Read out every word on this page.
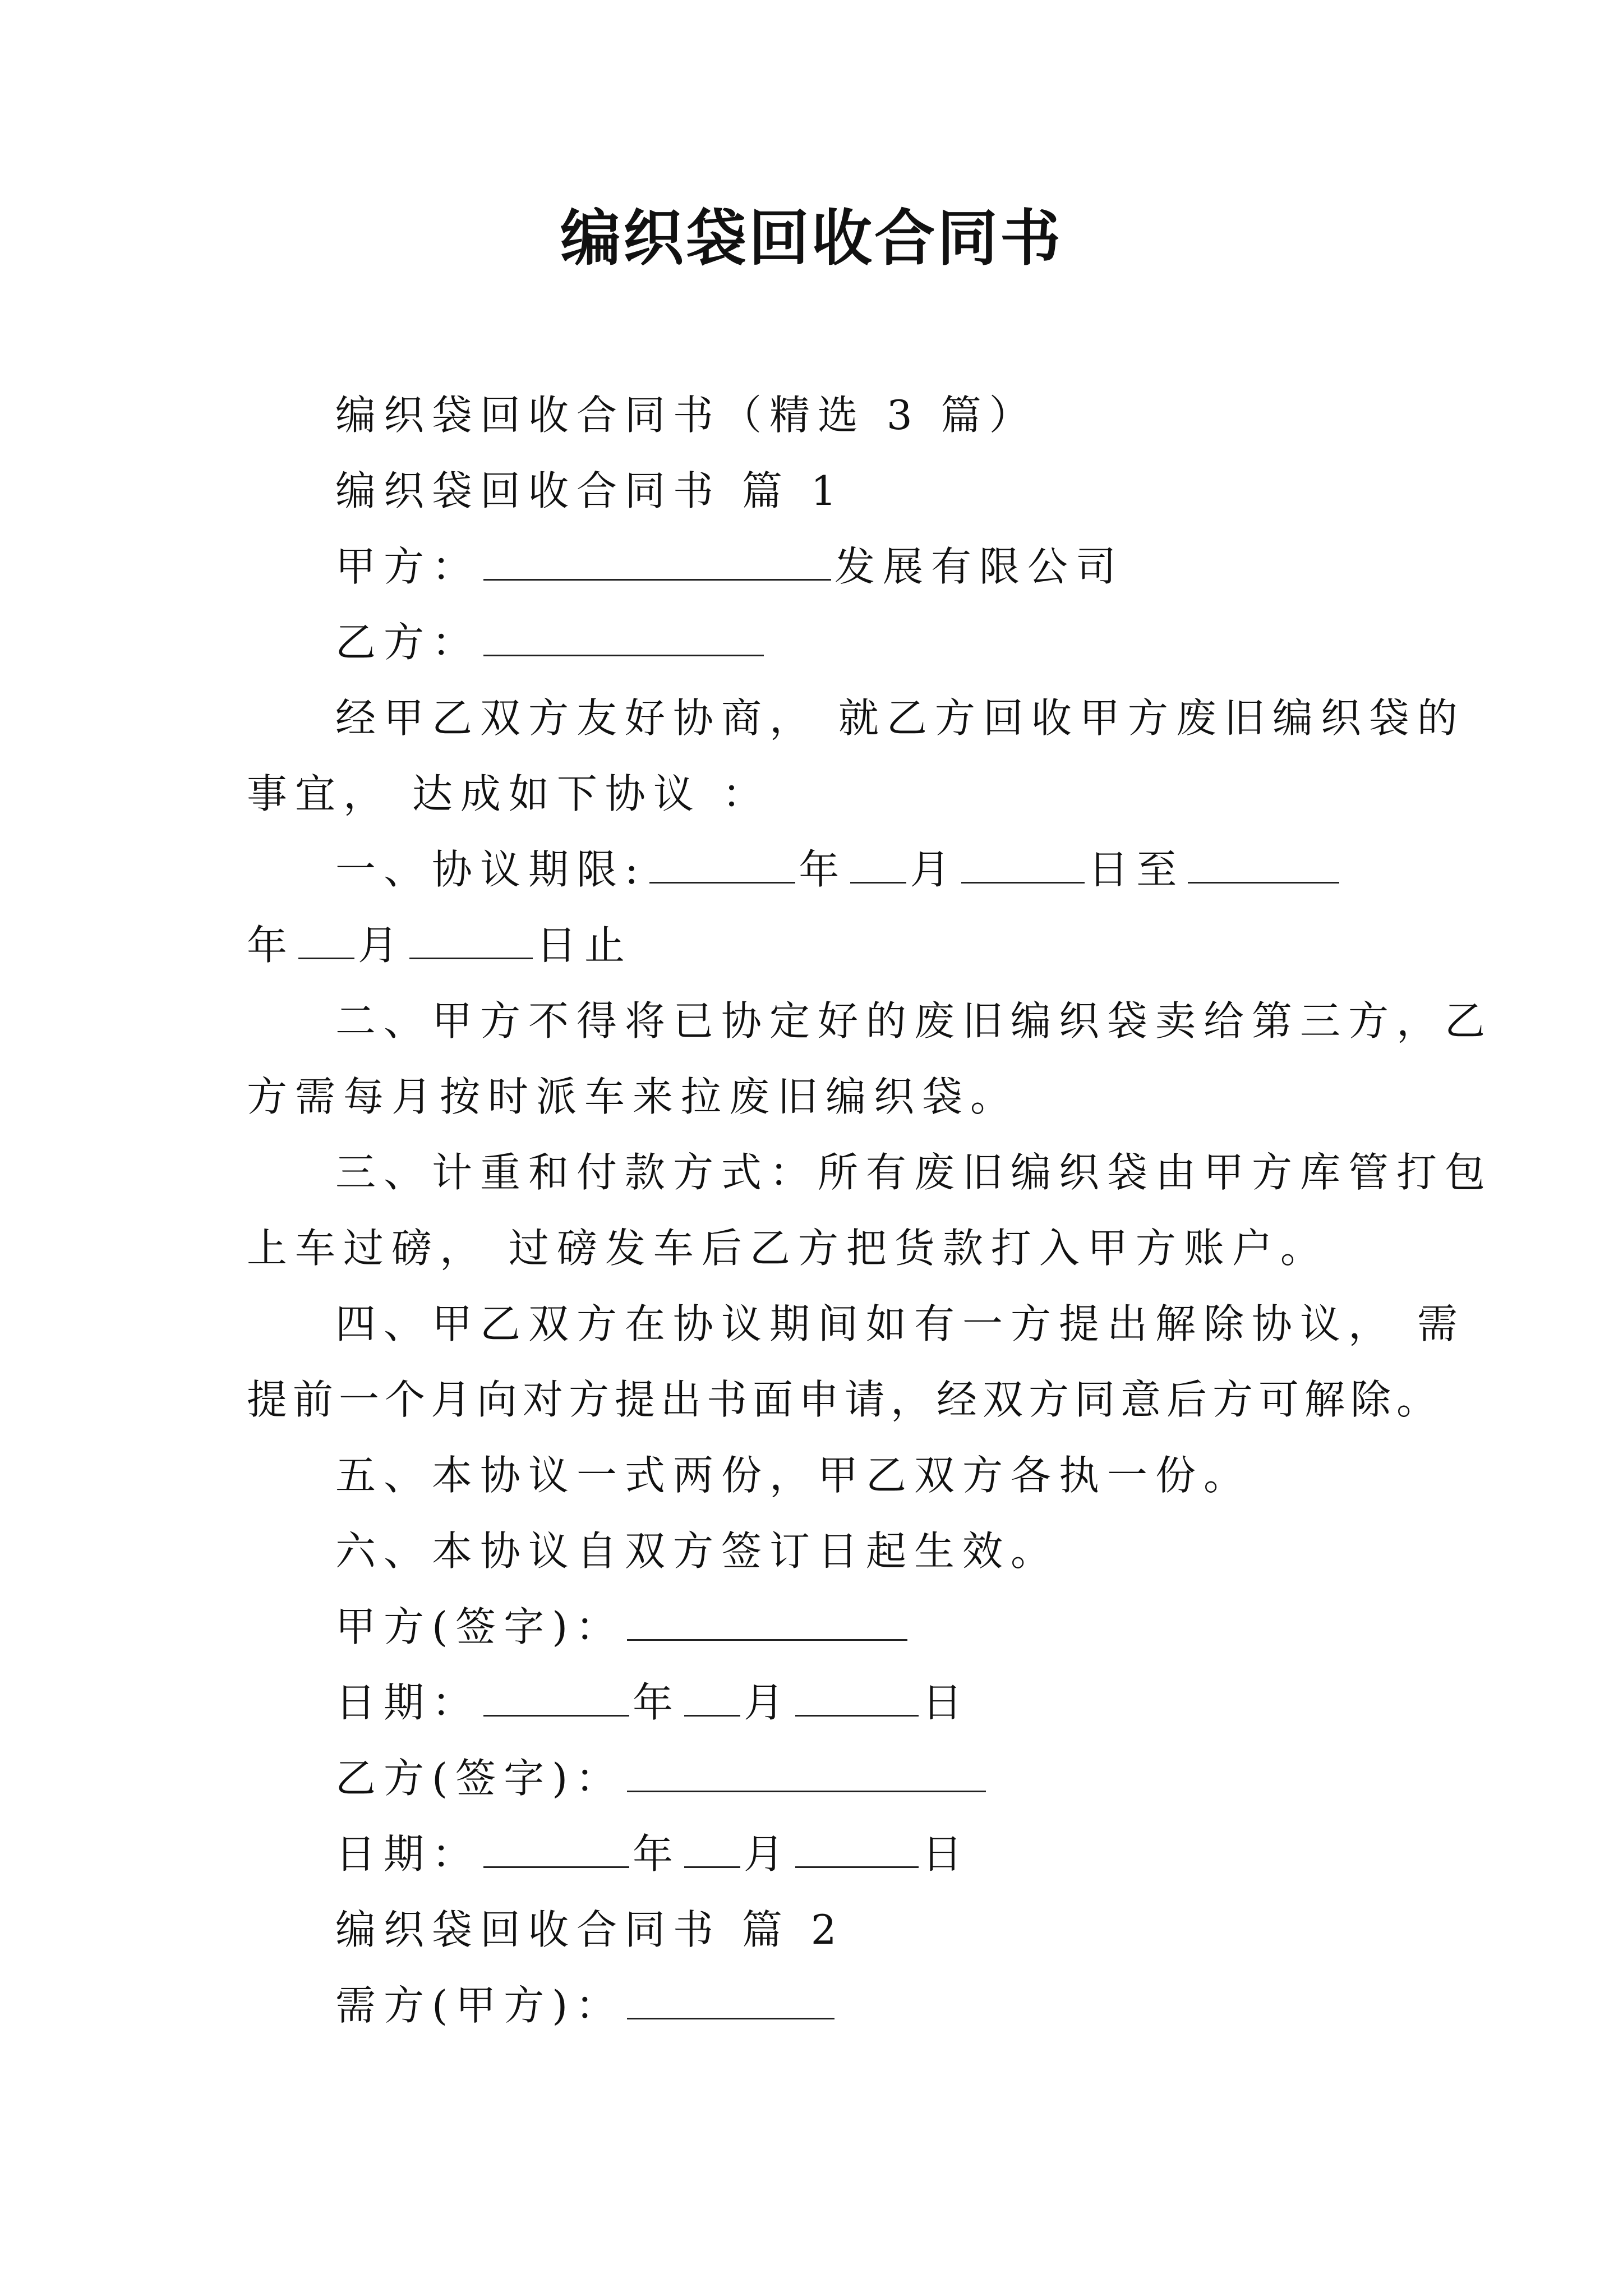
编织袋回收合同书
编织袋回收合同书（精选 3 篇）
编织袋回收合同书 篇 1
甲方：	发展有限公司
乙方：
经甲乙双方友好协商， 就乙方回收甲方废旧编织袋的
事宜， 达成如下协议 ：
一、协议期限:	年 月	日至
年 月	日止
二、甲方不得将已协定好的废旧编织袋卖给第三方，乙
方需每月按时派车来拉废旧编织袋。
三、计重和付款方式：所有废旧编织袋由甲方库管打包
上车过磅， 过磅发车后乙方把货款打入甲方账户。
四、甲乙双方在协议期间如有一方提出解除协议， 需
提前一个月向对方提出书面申请，经双方同意后方可解除。
五、本协议一式两份，甲乙双方各执一份。
六、本协议自双方签订日起生效。
甲方(签字)：
日期：	年 月	日
乙方(签字)：
日期：	年 月	日
编织袋回收合同书 篇 2
需方(甲方)：
